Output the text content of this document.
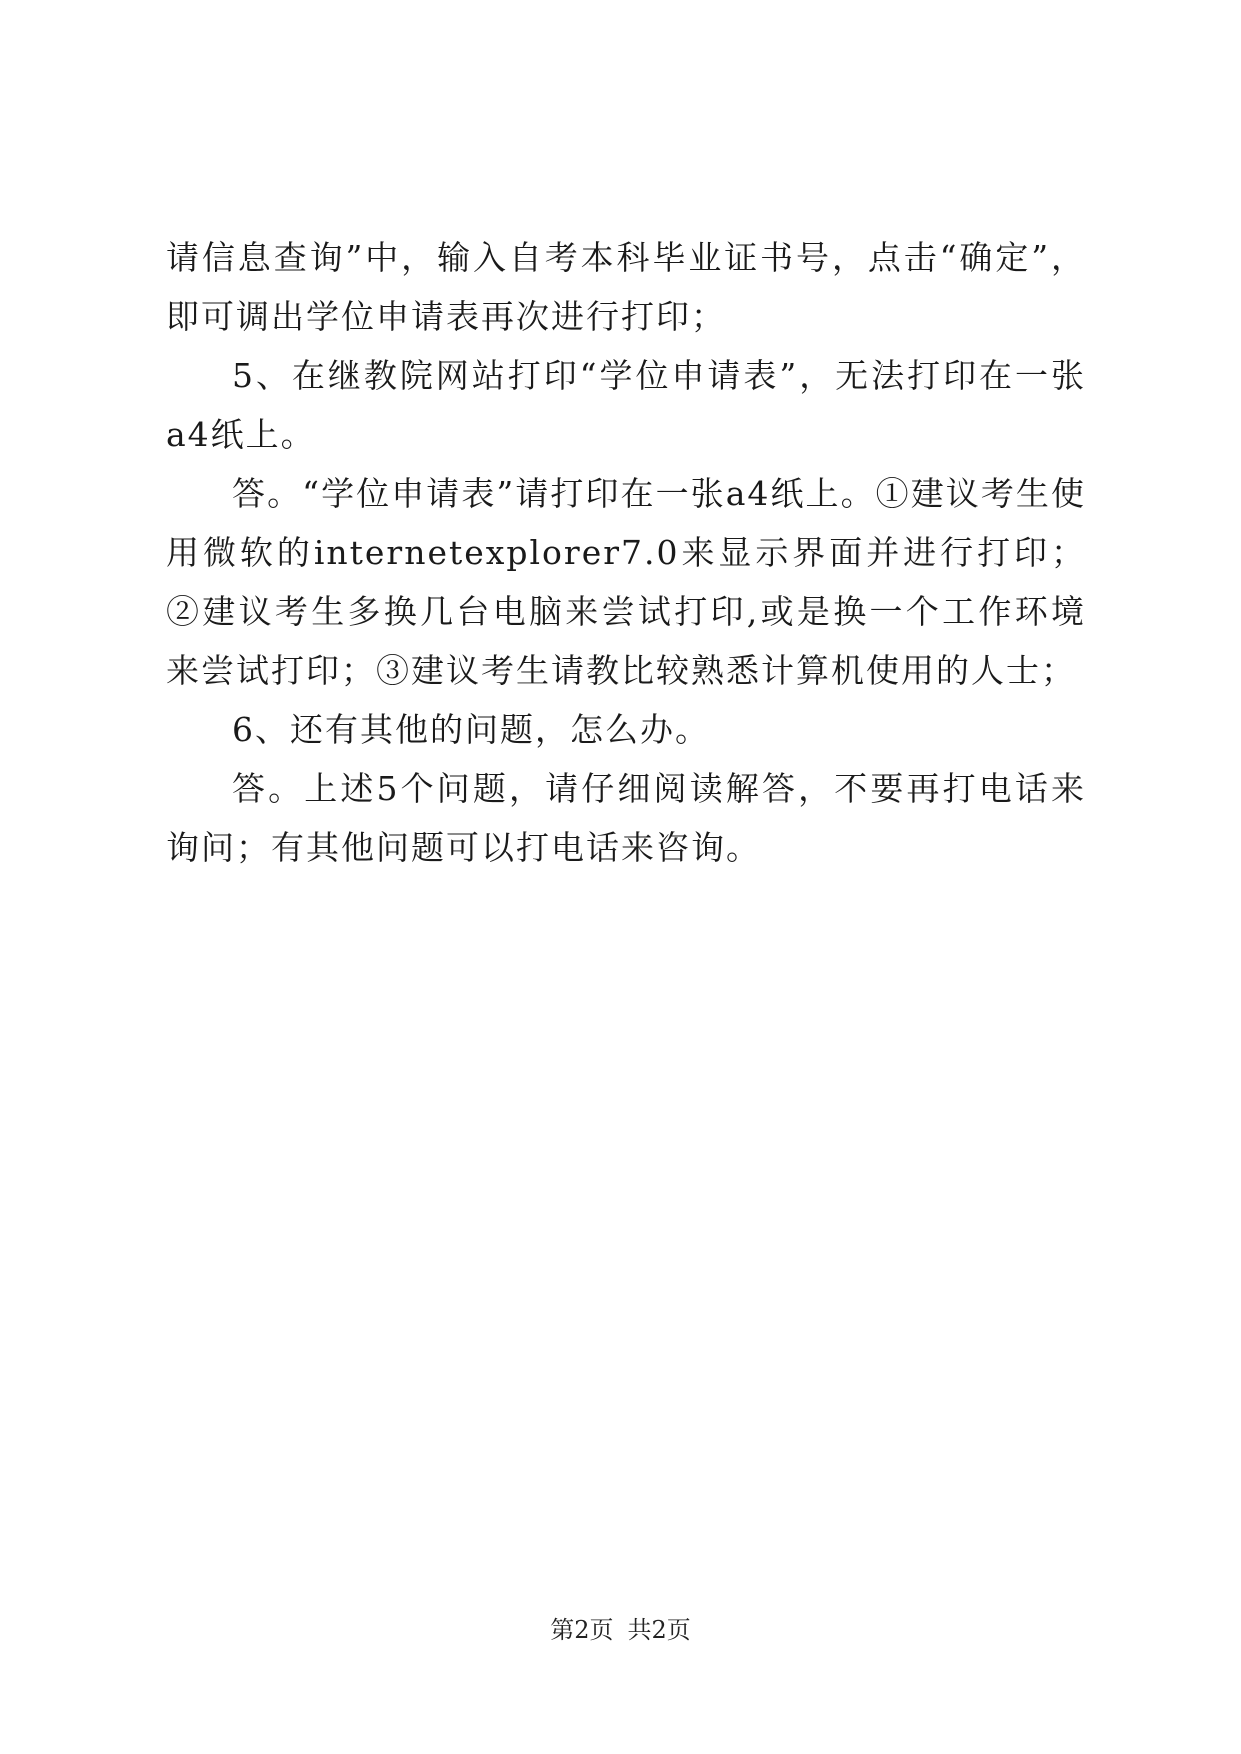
请信息查询”中，输入自考本科毕业证书号，点击“确定”，即可调出学位申请表再次进行打印；

5、在继教院网站打印“学位申请表”，无法打印在一张a4纸上。

答。“学位申请表”请打印在一张a4纸上。①建议考生使用微软的internetexplorer7.0来显示界面并进行打印；②建议考生多换几台电脑来尝试打印,或是换一个工作环境来尝试打印；③建议考生请教比较熟悉计算机使用的人士；

6、还有其他的问题，怎么办。

答。上述5个问题，请仔细阅读解答，不要再打电话来询问；有其他问题可以打电话来咨询。

第2页 共2页
